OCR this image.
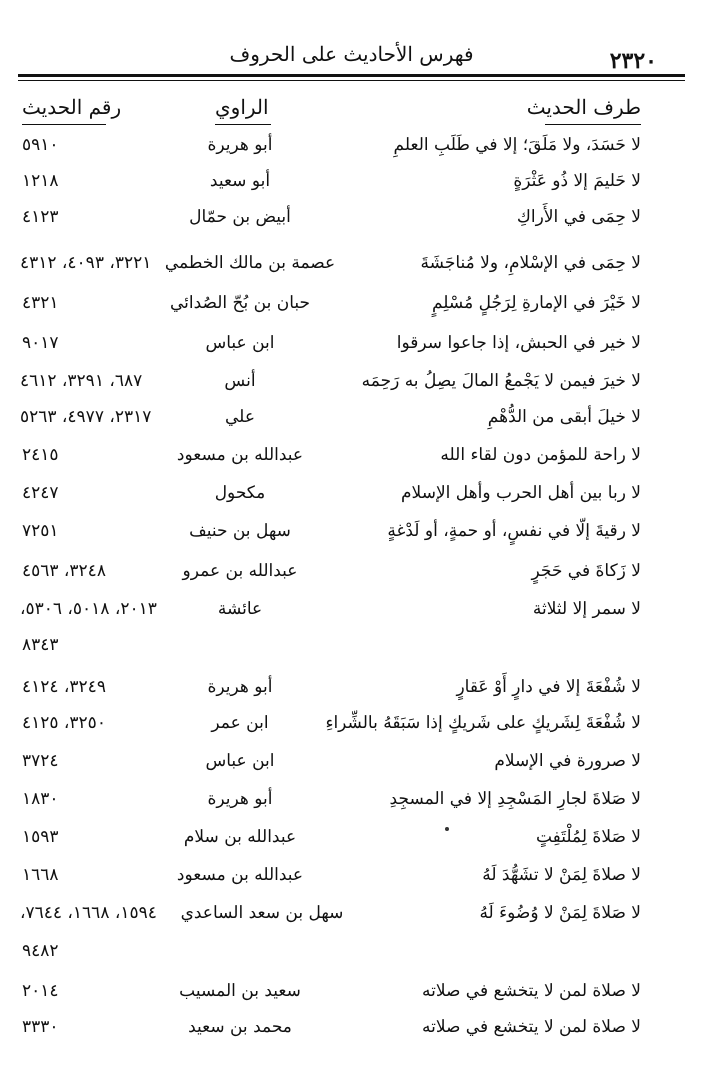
٢٣٢٠
فهرس الأحاديث على الحروف
طرف الحديث
الراوي
رقم الحديث
لا حَسَدَ، ولا مَلَقَ؛ إلا في طَلَبِ العلمِ
أبو هريرة
٥٩١٠
لا حَليمَ إلا ذُو عَثْرَةٍ
أبو سعيد
١٢١٨
لا حِمَى في الأَراكِ
أبيض بن حمّال
٤١٢٣
لا حِمَى في الإسْلامِ، ولا مُناجَشَةَ
عصمة بن مالك الخطمي
٣٢٢١، ٤٠٩٣، ٤٣١٢
لا خَيْرَ في الإمارةِ لِرَجُلٍ مُسْلِمٍ
حبان بن بُحّ الصُدائي
٤٣٢١
لا خير في الحبش، إذا جاعوا سرقوا
ابن عباس
٩٠١٧
لا خيرَ فيمن لا يَجْمعُ المالَ يصِلُ به رَحِمَه
أنس
٦٨٧، ٣٢٩١، ٤٦١٢
لا خيلَ أبقى من الدُّهْمِ
علي
٢٣١٧، ٤٩٧٧، ٥٢٦٣
لا راحة للمؤمن دون لقاء الله
عبدالله بن مسعود
٢٤١٥
لا ربا بين أهل الحرب وأهل الإسلام
مكحول
٤٢٤٧
لا رقيةَ إلّا في نفسٍ، أو حمةٍ، أو لَدْغةٍ
سهل بن حنيف
٧٢٥١
لا زَكاةَ في حَجَرٍ
عبدالله بن عمرو
٣٢٤٨، ٤٥٦٣
لا سمر إلا لثلاثة
عائشة
٢٠١٣، ٥٠١٨، ٥٣٠٦،
٨٣٤٣
لا شُفْعَةَ إلا في دارٍ أَوْ عَقارٍ
أبو هريرة
٣٢٤٩، ٤١٢٤
لا شُفْعَةَ لِشَريكٍ على شَريكٍ إذا سَبَقَهُ بالشِّراءِ
ابن عمر
٣٢٥٠، ٤١٢٥
لا صرورة في الإسلام
ابن عباس
٣٧٢٤
لا صَلاةَ لجارِ المَسْجِدِ إلا في المسجِدِ
أبو هريرة
١٨٣٠
لا صَلاةَ لِمُلْتَفِتٍ
عبدالله بن سلام
١٥٩٣
لا صلاةَ لِمَنْ لا تشَهُّدَ لَهُ
عبدالله بن مسعود
١٦٦٨
لا صَلاةَ لِمَنْ لا وُضُوءَ لَهُ
سهل بن سعد الساعدي
١٥٩٤، ١٦٦٨، ٧٦٤٤،
٩٤٨٢
لا صلاة لمن لا يتخشع في صلاته
سعيد بن المسيب
٢٠١٤
لا صلاة لمن لا يتخشع في صلاته
محمد بن سعيد
٣٣٣٠
